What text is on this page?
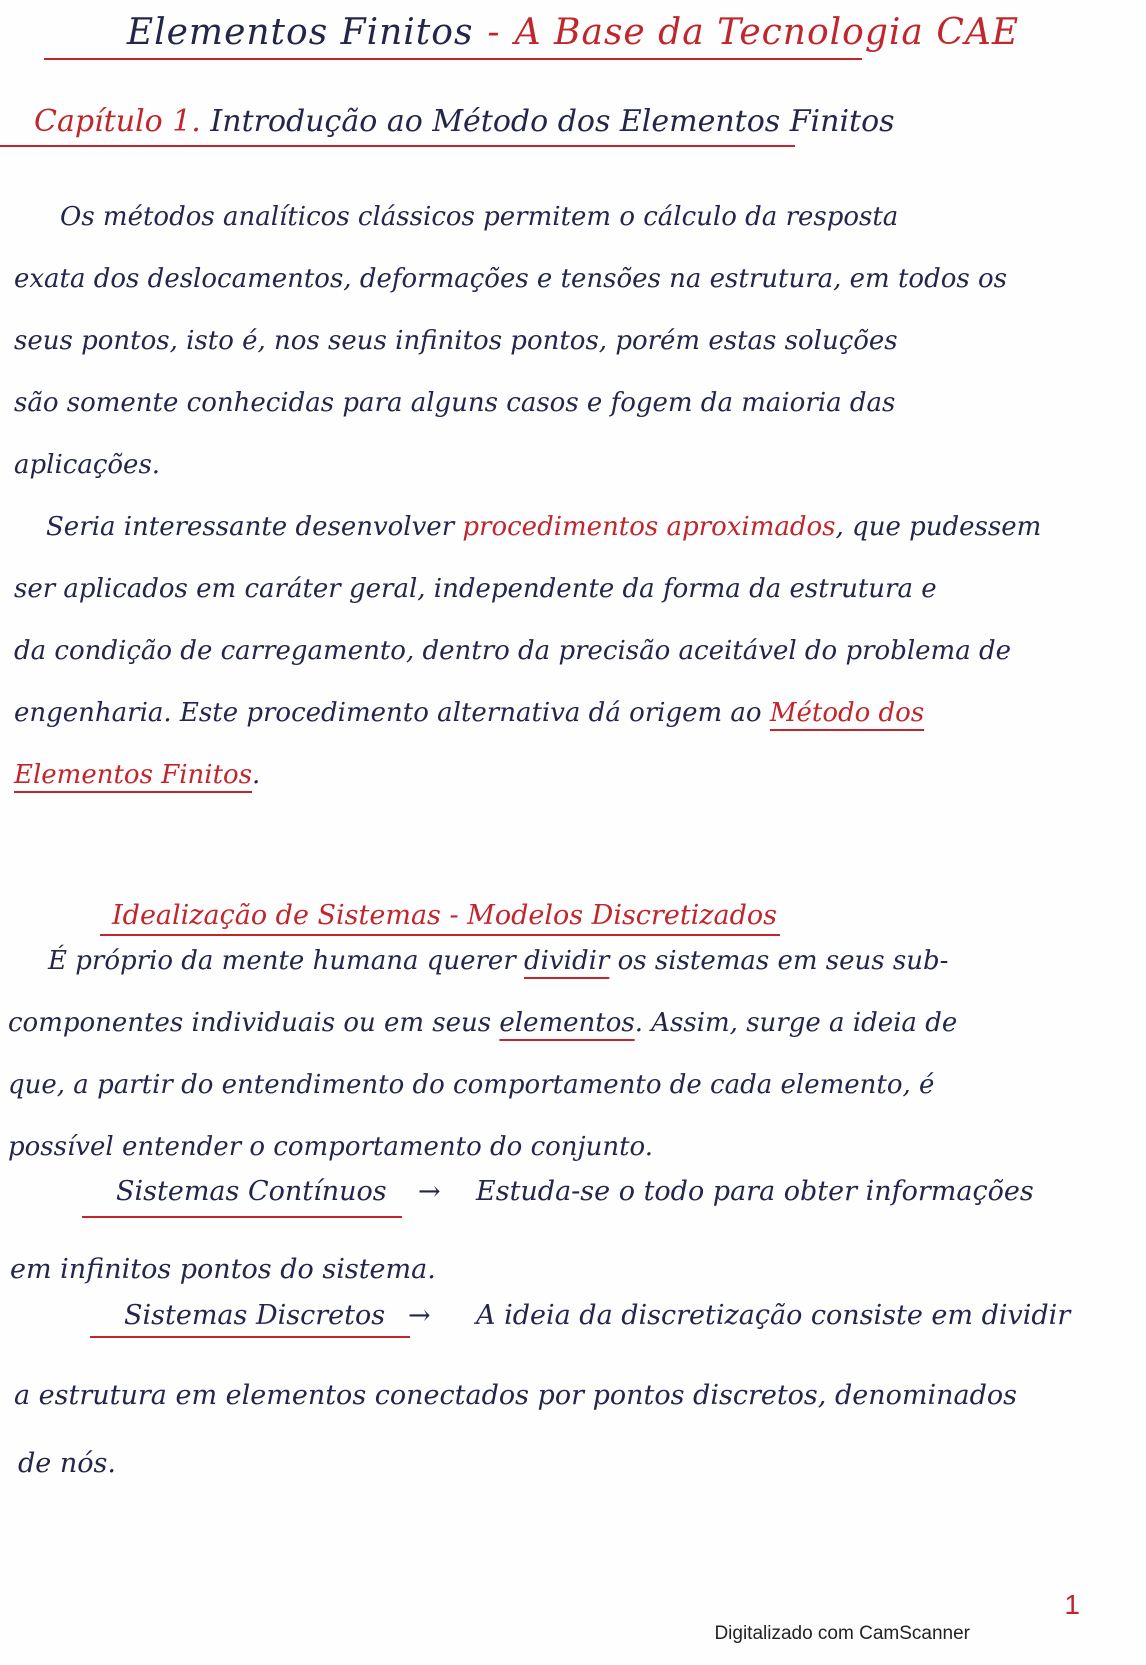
Elementos Finitos - A Base da Tecnologia CAE
Capítulo 1. Introdução ao Método dos Elementos Finitos
Os métodos analíticos clássicos permitem o cálculo da resposta
exata dos deslocamentos, deformações e tensões na estrutura, em todos os
seus pontos, isto é, nos seus infinitos pontos, porém estas soluções
são somente conhecidas para alguns casos e fogem da maioria das
aplicações.
Seria interessante desenvolver procedimentos aproximados, que pudessem
ser aplicados em caráter geral, independente da forma da estrutura e
da condição de carregamento, dentro da precisão aceitável do problema de
engenharia. Este procedimento alternativa dá origem ao Método dos
Elementos Finitos.
Idealização de Sistemas - Modelos Discretizados
É próprio da mente humana querer dividir os sistemas em seus sub-
componentes individuais ou em seus elementos. Assim, surge a ideia de
que, a partir do entendimento do comportamento de cada elemento, é
possível entender o comportamento do conjunto.
Sistemas Contínuos → Estuda-se o todo para obter informações
em infinitos pontos do sistema.
Sistemas Discretos → A ideia da discretização consiste em dividir
a estrutura em elementos conectados por pontos discretos, denominados
de nós.
1
Digitalizado com CamScanner
